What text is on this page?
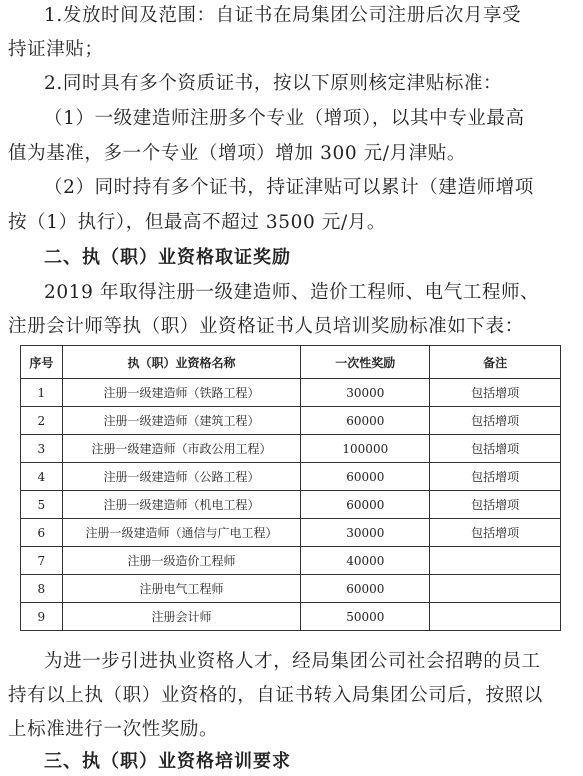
1.发放时间及范围：自证书在局集团公司注册后次月享受
持证津贴；
2.同时具有多个资质证书，按以下原则核定津贴标准：
（1）一级建造师注册多个专业（增项），以其中专业最高
值为基准，多一个专业（增项）增加 300 元/月津贴。
（2）同时持有多个证书，持证津贴可以累计（建造师增项
按（1）执行），但最高不超过 3500 元/月。
二、执（职）业资格取证奖励
2019 年取得注册一级建造师、造价工程师、电气工程师、
注册会计师等执（职）业资格证书人员培训奖励标准如下表：
序号	执（职）业资格名称	一次性奖励	备注
1	注册一级建造师（铁路工程）	30000	包括增项
2	注册一级建造师（建筑工程）	60000	包括增项
3	注册一级建造师（市政公用工程）	100000	包括增项
4	注册一级建造师（公路工程）	60000	包括增项
5	注册一级建造师（机电工程）	60000	包括增项
6	注册一级建造师（通信与广电工程）	30000	包括增项
7	注册一级造价工程师	40000	
8	注册电气工程师	60000	
9	注册会计师	50000	
为进一步引进执业资格人才，经局集团公司社会招聘的员工
持有以上执（职）业资格的，自证书转入局集团公司后，按照以
上标准进行一次性奖励。
三、执（职）业资格培训要求
